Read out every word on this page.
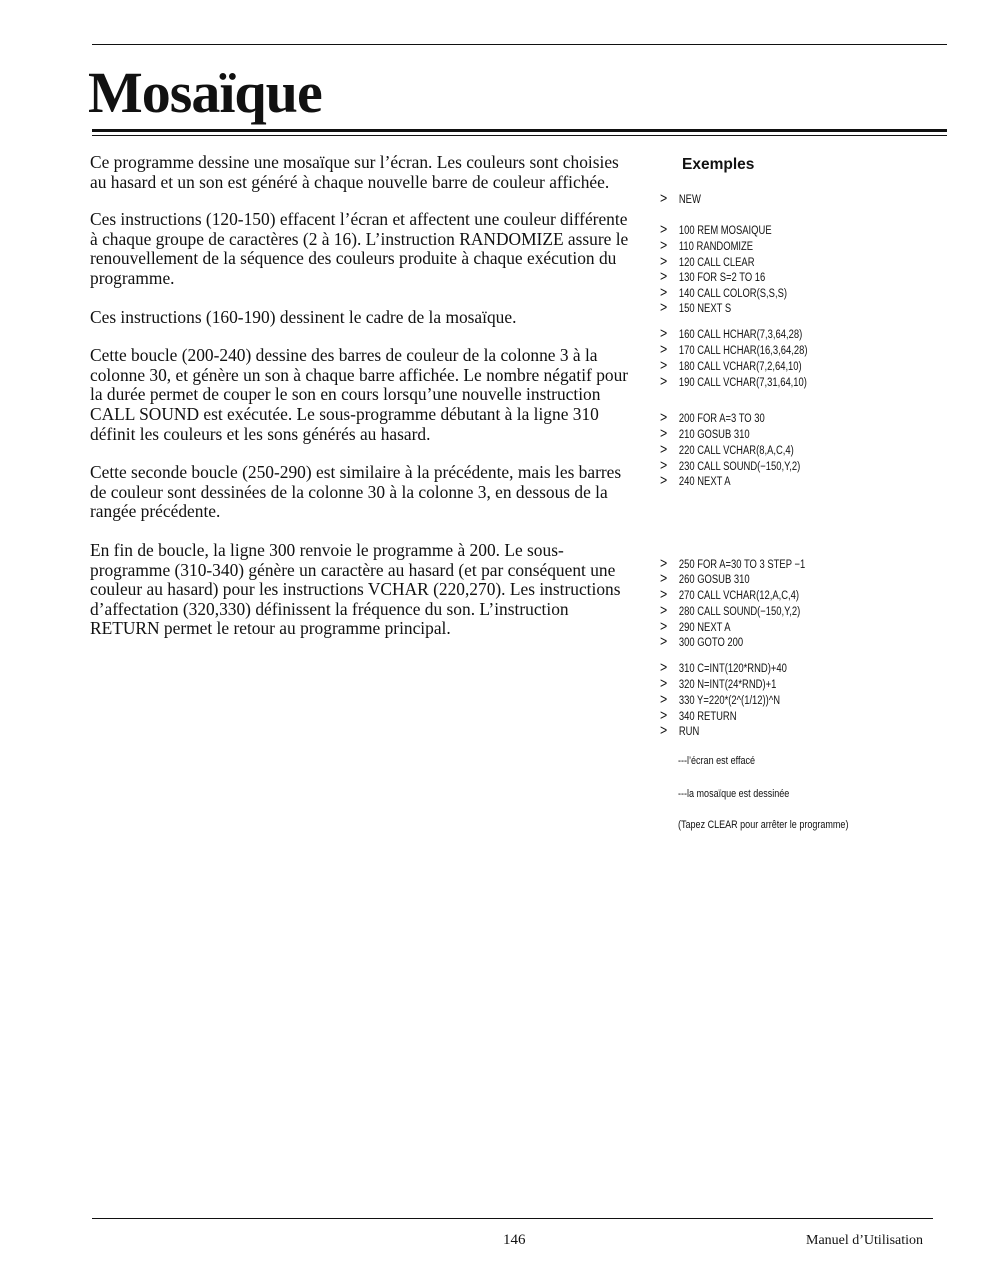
Mosaïque

Ce programme dessine une mosaïque sur l’écran. Les couleurs sont choisies au hasard et un son est généré à chaque nouvelle barre de couleur affichée.

Ces instructions (120-150) effacent l’écran et affectent une couleur différente à chaque groupe de caractères (2 à 16). L’instruction RANDOMIZE assure le renouvellement de la séquence des couleurs produite à chaque exécution du programme.

Ces instructions (160-190) dessinent le cadre de la mosaïque.

Cette boucle (200-240) dessine des barres de couleur de la colonne 3 à la colonne 30, et génère un son à chaque barre affichée. Le nombre négatif pour la durée permet de couper le son en cours lorsqu’une nouvelle instruction CALL SOUND est exécutée. Le sous-programme débutant à la ligne 310 définit les couleurs et les sons générés au hasard.

Cette seconde boucle (250-290) est similaire à la précédente, mais les barres de couleur sont dessinées de la colonne 30 à la colonne 3, en dessous de la rangée précédente.

En fin de boucle, la ligne 300 renvoie le programme à 200. Le sous-programme (310-340) génère un caractère au hasard (et par conséquent une couleur au hasard) pour les instructions VCHAR (220,270). Les instructions d’affectation (320,330) définissent la fréquence du son. L’instruction RETURN permet le retour au programme principal.

Exemples
> NEW
> 100 REM MOSAIQUE
> 110 RANDOMIZE
> 120 CALL CLEAR
> 130 FOR S=2 TO 16
> 140 CALL COLOR(S,S,S)
> 150 NEXT S
> 160 CALL HCHAR(7,3,64,28)
> 170 CALL HCHAR(16,3,64,28)
> 180 CALL VCHAR(7,2,64,10)
> 190 CALL VCHAR(7,31,64,10)
> 200 FOR A=3 TO 30
> 210 GOSUB 310
> 220 CALL VCHAR(8,A,C,4)
> 230 CALL SOUND(−150,Y,2)
> 240 NEXT A
> 250 FOR A=30 TO 3 STEP −1
> 260 GOSUB 310
> 270 CALL VCHAR(12,A,C,4)
> 280 CALL SOUND(−150,Y,2)
> 290 NEXT A
> 300 GOTO 200
> 310 C=INT(120*RND)+40
> 320 N=INT(24*RND)+1
> 330 Y=220*(2^(1/12))^N
> 340 RETURN
> RUN
---l’écran est effacé
---la mosaïque est dessinée
(Tapez CLEAR pour arrêter le programme)
146	Manuel d’Utilisation
